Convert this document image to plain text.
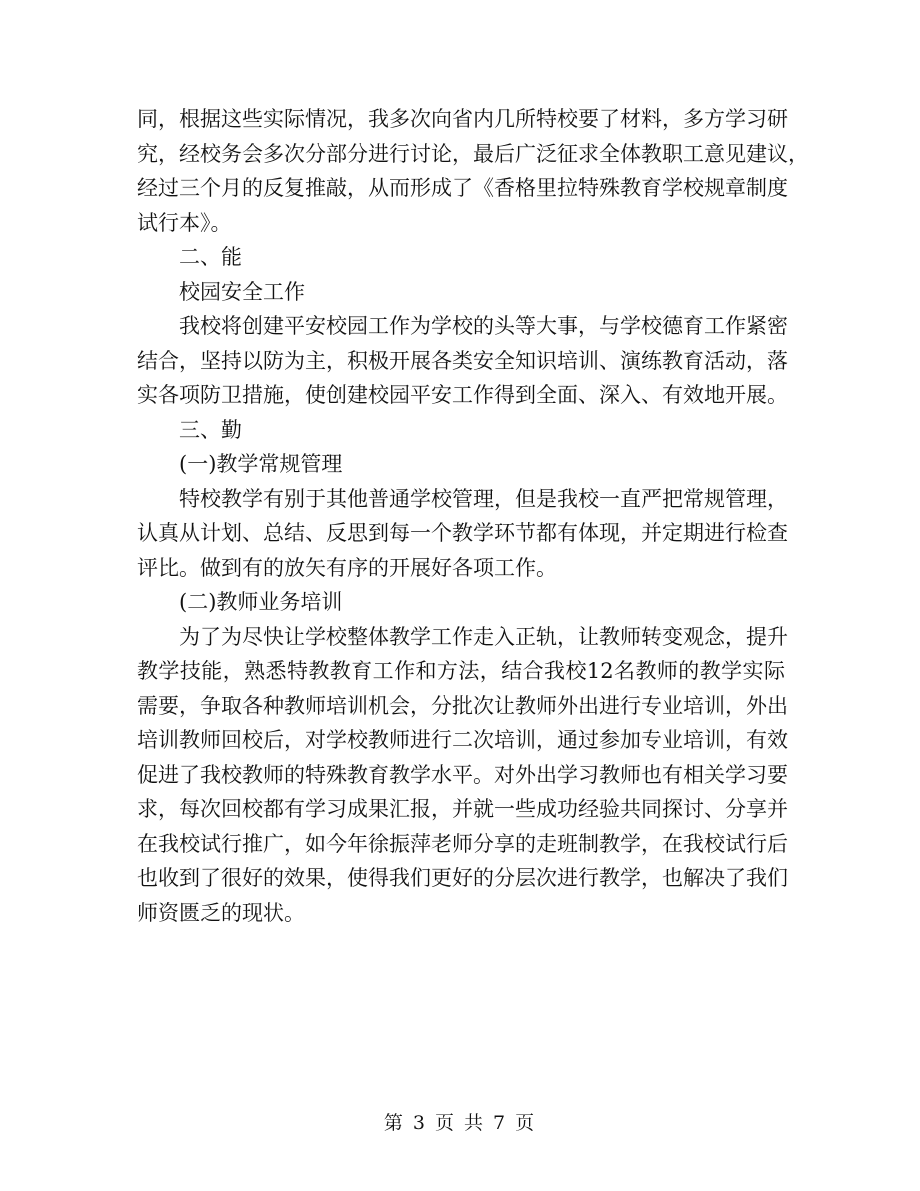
同，根据这些实际情况，我多次向省内几所特校要了材料，多方学习研
究，经校务会多次分部分进行讨论，最后广泛征求全体教职工意见建议，
经过三个月的反复推敲，从而形成了《香格里拉特殊教育学校规章制度
试行本》。
二、能
校园安全工作
我校将创建平安校园工作为学校的头等大事，与学校德育工作紧密
结合，坚持以防为主，积极开展各类安全知识培训、演练教育活动，落
实各项防卫措施，使创建校园平安工作得到全面、深入、有效地开展。
三、勤
(一)教学常规管理
特校教学有别于其他普通学校管理，但是我校一直严把常规管理，
认真从计划、总结、反思到每一个教学环节都有体现，并定期进行检查
评比。做到有的放矢有序的开展好各项工作。
(二)教师业务培训
为了为尽快让学校整体教学工作走入正轨，让教师转变观念，提升
教学技能，熟悉特教教育工作和方法，结合我校12名教师的教学实际
需要，争取各种教师培训机会，分批次让教师外出进行专业培训，外出
培训教师回校后，对学校教师进行二次培训，通过参加专业培训，有效
促进了我校教师的特殊教育教学水平。对外出学习教师也有相关学习要
求，每次回校都有学习成果汇报，并就一些成功经验共同探讨、分享并
在我校试行推广，如今年徐振萍老师分享的走班制教学，在我校试行后
也收到了很好的效果，使得我们更好的分层次进行教学，也解决了我们
师资匮乏的现状。
第 3 页 共 7 页
